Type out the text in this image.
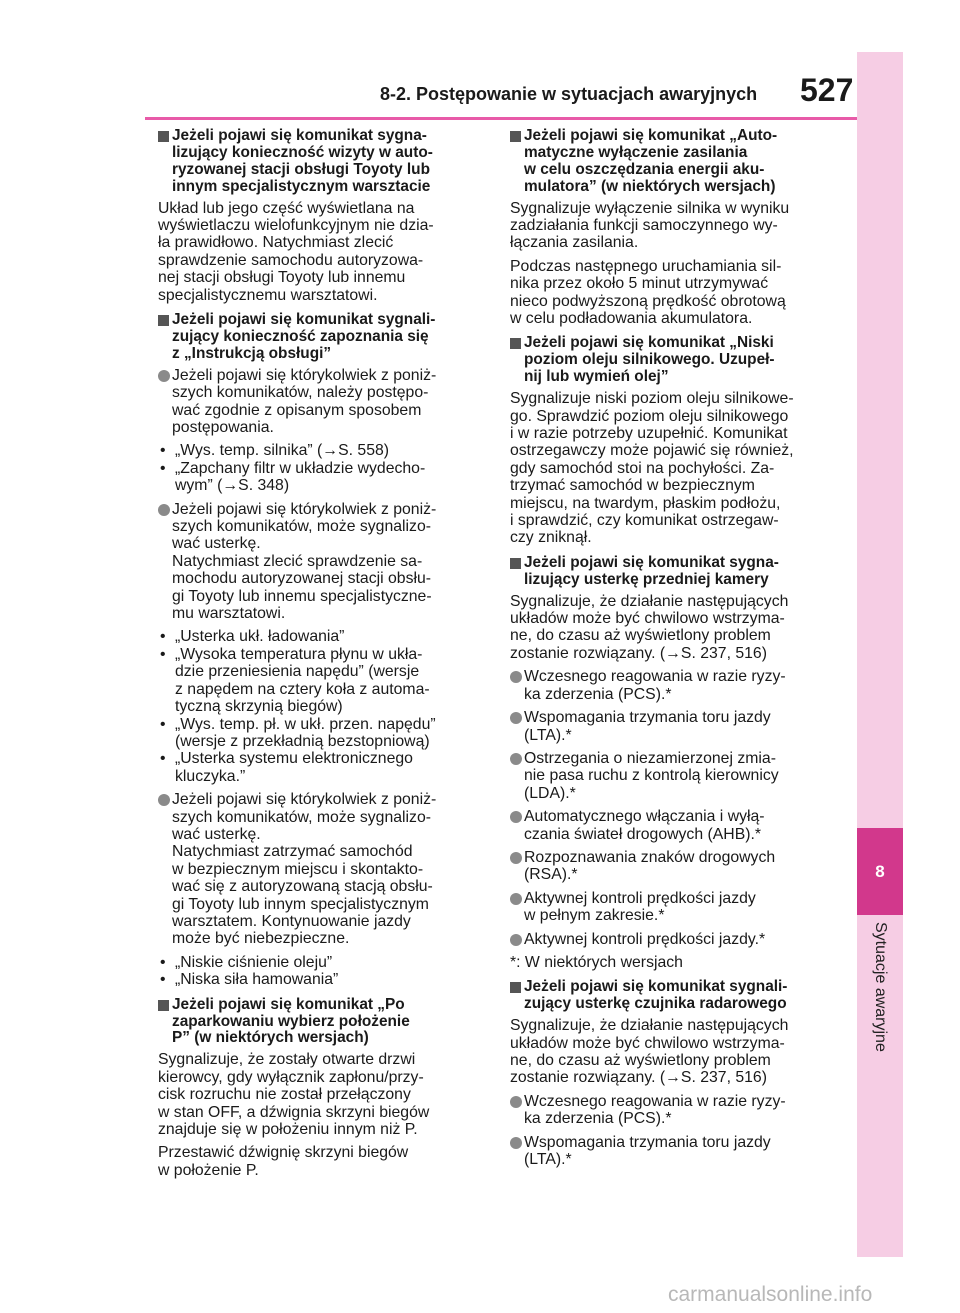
8-2. Postępowanie w sytuacjach awaryjnych 527
8
Sytuacje awaryjne
Jeżeli pojawi się komunikat sygna-
lizujący konieczność wizyty w auto-
ryzowanej stacji obsługi Toyoty lub
innym specjalistycznym warsztacie
Układ lub jego część wyświetlana na
wyświetlaczu wielofunkcyjnym nie dzia-
ła prawidłowo. Natychmiast zlecić
sprawdzenie samochodu autoryzowa-
nej stacji obsługi Toyoty lub innemu
specjalistycznemu warsztatowi.
Jeżeli pojawi się komunikat sygnali-
zujący konieczność zapoznania się
z „Instrukcją obsługi”
Jeżeli pojawi się którykolwiek z poniż-
szych komunikatów, należy postępo-
wać zgodnie z opisanym sposobem
postępowania.
• „Wys. temp. silnika” (→S. 558)
• „Zapchany filtr w układzie wydecho-
wym” (→S. 348)
Jeżeli pojawi się którykolwiek z poniż-
szych komunikatów, może sygnalizo-
wać usterkę.
Natychmiast zlecić sprawdzenie sa-
mochodu autoryzowanej stacji obsłu-
gi Toyoty lub innemu specjalistyczne-
mu warsztatowi.
• „Usterka ukł. ładowania”
• „Wysoka temperatura płynu w ukła-
dzie przeniesienia napędu” (wersje
z napędem na cztery koła z automa-
tyczną skrzynią biegów)
• „Wys. temp. pł. w ukł. przen. napędu”
(wersje z przekładnią bezstopniową)
• „Usterka systemu elektronicznego
kluczyka.”
Jeżeli pojawi się którykolwiek z poniż-
szych komunikatów, może sygnalizo-
wać usterkę.
Natychmiast zatrzymać samochód
w bezpiecznym miejscu i skontakto-
wać się z autoryzowaną stacją obsłu-
gi Toyoty lub innym specjalistycznym
warsztatem. Kontynuowanie jazdy
może być niebezpieczne.
• „Niskie ciśnienie oleju”
• „Niska siła hamowania”
Jeżeli pojawi się komunikat „Po
zaparkowaniu wybierz położenie
P” (w niektórych wersjach)
Sygnalizuje, że zostały otwarte drzwi
kierowcy, gdy wyłącznik zapłonu/przy-
cisk rozruchu nie został przełączony
w stan OFF, a dźwignia skrzyni biegów
znajduje się w położeniu innym niż P.
Przestawić dźwignię skrzyni biegów
w położenie P.
Jeżeli pojawi się komunikat „Auto-
matyczne wyłączenie zasilania
w celu oszczędzania energii aku-
mulatora” (w niektórych wersjach)
Sygnalizuje wyłączenie silnika w wyniku
zadziałania funkcji samoczynnego wy-
łączania zasilania.
Podczas następnego uruchamiania sil-
nika przez około 5 minut utrzymywać
nieco podwyższoną prędkość obrotową
w celu podładowania akumulatora.
Jeżeli pojawi się komunikat „Niski
poziom oleju silnikowego. Uzupeł-
nij lub wymień olej”
Sygnalizuje niski poziom oleju silnikowe-
go. Sprawdzić poziom oleju silnikowego
i w razie potrzeby uzupełnić. Komunikat
ostrzegawczy może pojawić się również,
gdy samochód stoi na pochyłości. Za-
trzymać samochód w bezpiecznym
miejscu, na twardym, płaskim podłożu,
i sprawdzić, czy komunikat ostrzegaw-
czy zniknął.
Jeżeli pojawi się komunikat sygna-
lizujący usterkę przedniej kamery
Sygnalizuje, że działanie następujących
układów może być chwilowo wstrzyma-
ne, do czasu aż wyświetlony problem
zostanie rozwiązany. (→S. 237, 516)
Wczesnego reagowania w razie ryzy-
ka zderzenia (PCS).*
Wspomagania trzymania toru jazdy
(LTA).*
Ostrzegania o niezamierzonej zmia-
nie pasa ruchu z kontrolą kierownicy
(LDA).*
Automatycznego włączania i wyłą-
czania świateł drogowych (AHB).*
Rozpoznawania znaków drogowych
(RSA).*
Aktywnej kontroli prędkości jazdy
w pełnym zakresie.*
Aktywnej kontroli prędkości jazdy.*
*: W niektórych wersjach
Jeżeli pojawi się komunikat sygnali-
zujący usterkę czujnika radarowego
Sygnalizuje, że działanie następujących
układów może być chwilowo wstrzyma-
ne, do czasu aż wyświetlony problem
zostanie rozwiązany. (→S. 237, 516)
Wczesnego reagowania w razie ryzy-
ka zderzenia (PCS).*
Wspomagania trzymania toru jazdy
(LTA).*
carmanualsonline.info
